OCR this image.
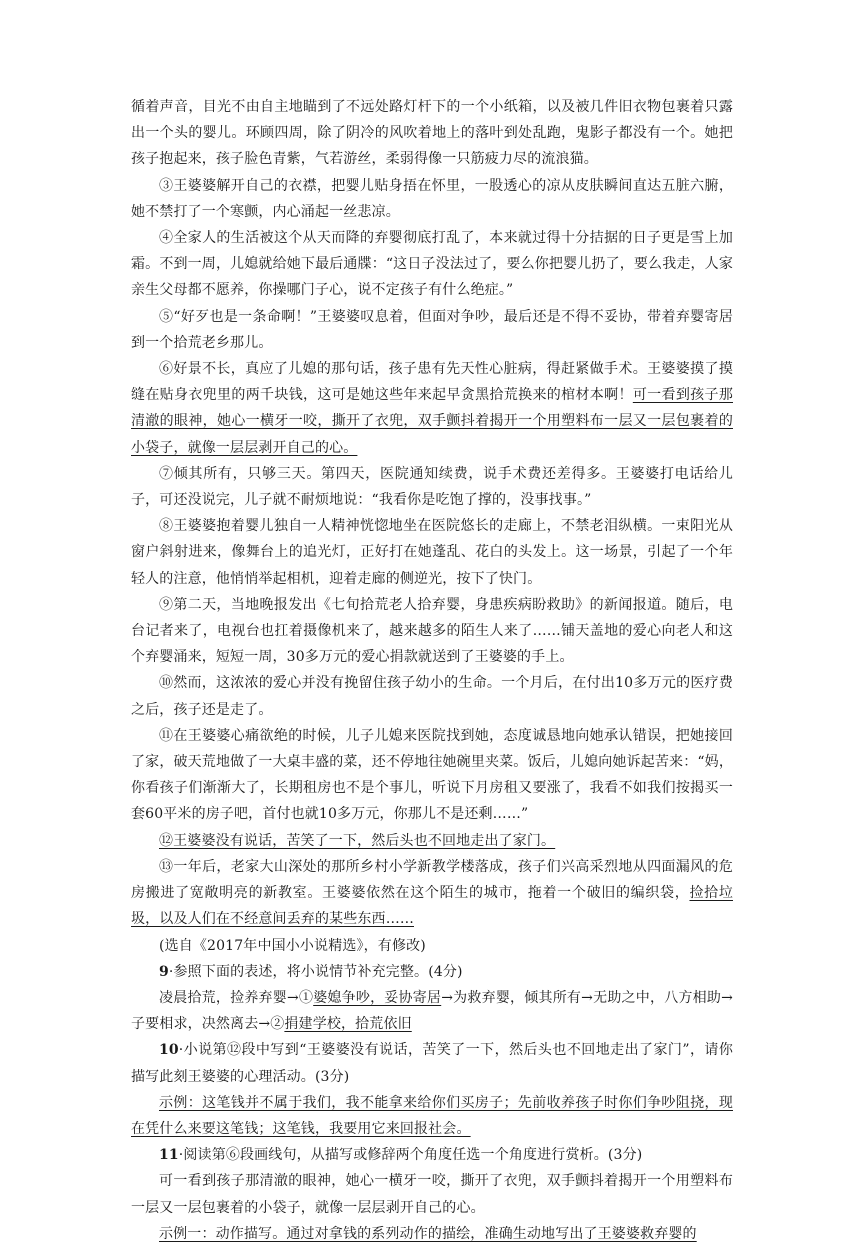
循着声音，目光不由自主地瞄到了不远处路灯杆下的一个小纸箱，以及被几件旧衣物包裹着只露出一个头的婴儿。环顾四周，除了阴冷的风吹着地上的落叶到处乱跑，鬼影子都没有一个。她把孩子抱起来，孩子脸色青紫，气若游丝，柔弱得像一只筋疲力尽的流浪猫。

③王婆婆解开自己的衣襟，把婴儿贴身捂在怀里，一股透心的凉从皮肤瞬间直达五脏六腑，她不禁打了一个寒颤，内心涌起一丝悲凉。

④全家人的生活被这个从天而降的弃婴彻底打乱了，本来就过得十分拮据的日子更是雪上加霜。不到一周，儿媳就给她下最后通牒：“这日子没法过了，要么你把婴儿扔了，要么我走，人家亲生父母都不愿养，你操哪门子心，说不定孩子有什么绝症。”

⑤“好歹也是一条命啊！”王婆婆叹息着，但面对争吵，最后还是不得不妥协，带着弃婴寄居到一个拾荒老乡那儿。

⑥好景不长，真应了儿媳的那句话，孩子患有先天性心脏病，得赶紧做手术。王婆婆摸了摸缝在贴身衣兜里的两千块钱，这可是她这些年来起早贪黑拾荒换来的棺材本啊！可一看到孩子那清澈的眼神，她心一横牙一咬，撕开了衣兜，双手颤抖着揭开一个用塑料布一层又一层包裹着的小袋子，就像一层层剥开自己的心。

⑦倾其所有，只够三天。第四天，医院通知续费，说手术费还差得多。王婆婆打电话给儿子，可还没说完，儿子就不耐烦地说：“我看你是吃饱了撑的，没事找事。”

⑧王婆婆抱着婴儿独自一人精神恍惚地坐在医院悠长的走廊上，不禁老泪纵横。一束阳光从窗户斜射进来，像舞台上的追光灯，正好打在她蓬乱、花白的头发上。这一场景，引起了一个年轻人的注意，他悄悄举起相机，迎着走廊的侧逆光，按下了快门。

⑨第二天，当地晚报发出《七旬拾荒老人拾弃婴，身患疾病盼救助》的新闻报道。随后，电台记者来了，电视台也扛着摄像机来了，越来越多的陌生人来了……铺天盖地的爱心向老人和这个弃婴涌来，短短一周，30多万元的爱心捐款就送到了王婆婆的手上。

⑩然而，这浓浓的爱心并没有挽留住孩子幼小的生命。一个月后，在付出10多万元的医疗费之后，孩子还是走了。

⑪在王婆婆心痛欲绝的时候，儿子儿媳来医院找到她，态度诚恳地向她承认错误，把她接回了家，破天荒地做了一大桌丰盛的菜，还不停地往她碗里夹菜。饭后，儿媳向她诉起苦来：“妈，你看孩子们渐渐大了，长期租房也不是个事儿，听说下月房租又要涨了，我看不如我们按揭买一套60平米的房子吧，首付也就10多万元，你那儿不是还剩……”

⑫王婆婆没有说话，苦笑了一下，然后头也不回地走出了家门。

⑬一年后，老家大山深处的那所乡村小学新教学楼落成，孩子们兴高采烈地从四面漏风的危房搬进了宽敞明亮的新教室。王婆婆依然在这个陌生的城市，拖着一个破旧的编织袋，捡拾垃圾，以及人们在不经意间丢弃的某些东西……

(选自《2017年中国小小说精选》，有修改)

9·参照下面的表述，将小说情节补充完整。(4分)

凌晨拾荒，捡养弃婴→①婆媳争吵，妥协寄居→为救弃婴，倾其所有→无助之中，八方相助→子要相求，决然离去→②捐建学校，拾荒依旧

10·小说第⑫段中写到“王婆婆没有说话，苦笑了一下，然后头也不回地走出了家门”，请你描写此刻王婆婆的心理活动。(3分)

示例：这笔钱并不属于我们，我不能拿来给你们买房子；先前收养孩子时你们争吵阻挠，现在凭什么来要这笔钱；这笔钱，我要用它来回报社会。

11·阅读第⑥段画线句，从描写或修辞两个角度任选一个角度进行赏析。(3分)

可一看到孩子那清澈的眼神，她心一横牙一咬，撕开了衣兜，双手颤抖着揭开一个用塑料布一层又一层包裹着的小袋子，就像一层层剥开自己的心。

示例一：动作描写。通过对拿钱的系列动作的描绘，准确生动地写出了王婆婆救弃婴的
